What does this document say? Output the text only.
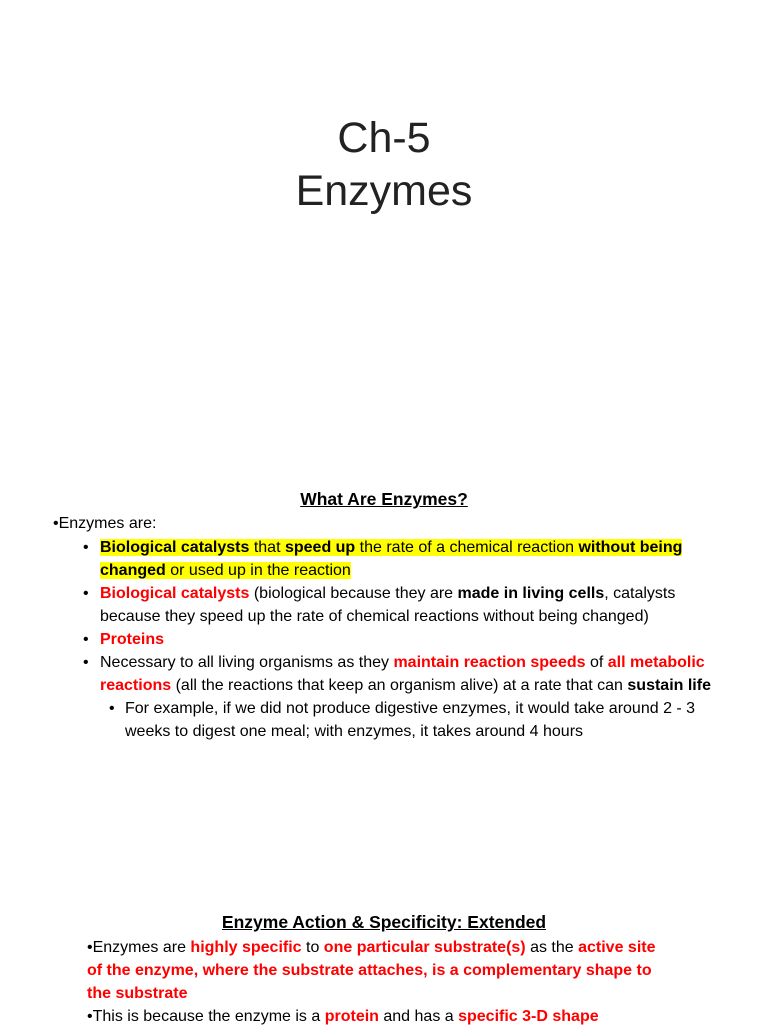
Ch-5
Enzymes
What Are Enzymes?
•Enzymes are:
• Biological catalysts that speed up the rate of a chemical reaction without being changed or used up in the reaction
• Biological catalysts (biological because they are made in living cells, catalysts because they speed up the rate of chemical reactions without being changed)
• Proteins
• Necessary to all living organisms as they maintain reaction speeds of all metabolic reactions (all the reactions that keep an organism alive) at a rate that can sustain life
• For example, if we did not produce digestive enzymes, it would take around 2 - 3 weeks to digest one meal; with enzymes, it takes around 4 hours
Enzyme Action & Specificity: Extended
•Enzymes are highly specific to one particular substrate(s) as the active site of the enzyme, where the substrate attaches, is a complementary shape to the substrate
•This is because the enzyme is a protein and has a specific 3-D shape
